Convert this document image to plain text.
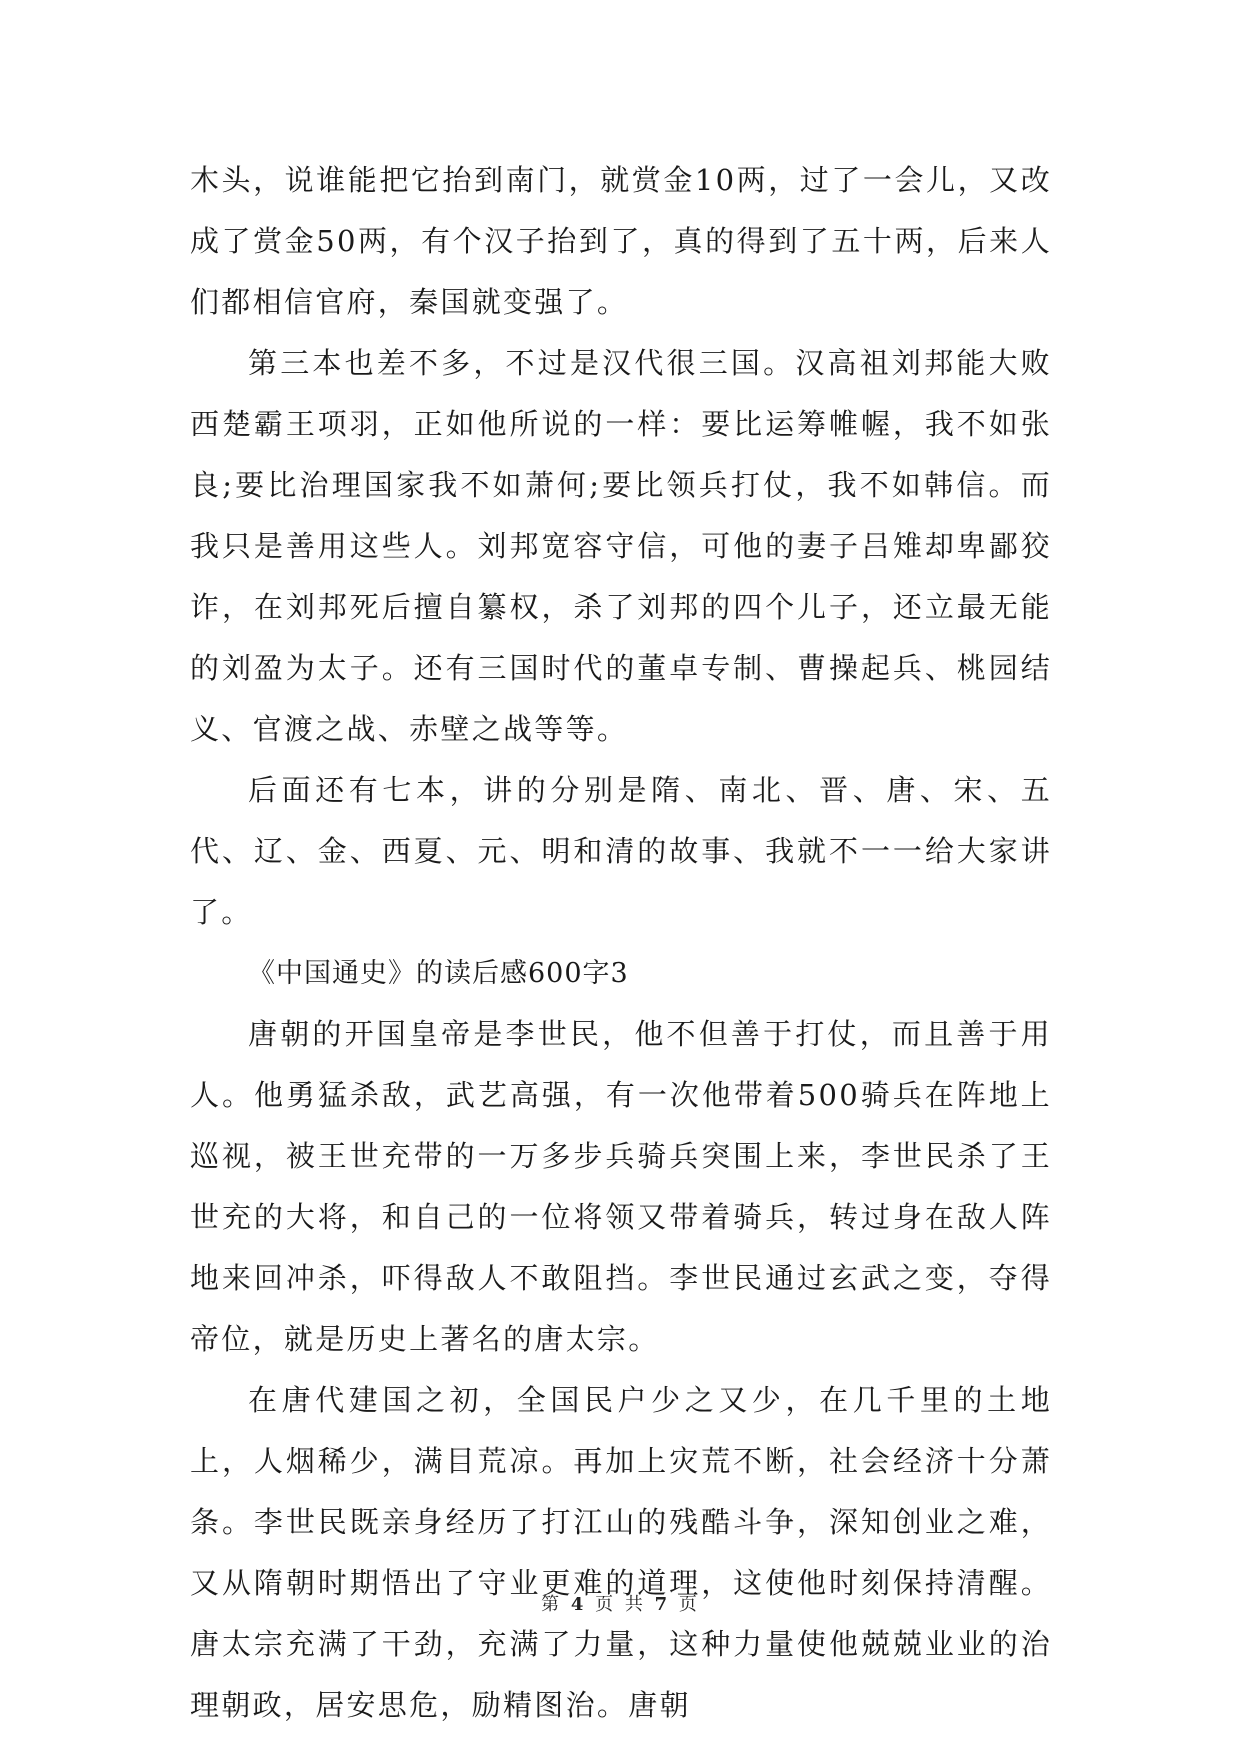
木头，说谁能把它抬到南门，就赏金10两，过了一会儿，又改成了赏金50两，有个汉子抬到了，真的得到了五十两，后来人们都相信官府，秦国就变强了。

第三本也差不多，不过是汉代很三国。汉高祖刘邦能大败西楚霸王项羽，正如他所说的一样：要比运筹帷幄，我不如张良;要比治理国家我不如萧何;要比领兵打仗，我不如韩信。而我只是善用这些人。刘邦宽容守信，可他的妻子吕雉却卑鄙狡诈，在刘邦死后擅自纂权，杀了刘邦的四个儿子，还立最无能的刘盈为太子。还有三国时代的董卓专制、曹操起兵、桃园结义、官渡之战、赤壁之战等等。

后面还有七本，讲的分别是隋、南北、晋、唐、宋、五代、辽、金、西夏、元、明和清的故事、我就不一一给大家讲了。

《中国通史》的读后感600字3

唐朝的开国皇帝是李世民，他不但善于打仗，而且善于用人。他勇猛杀敌，武艺高强，有一次他带着500骑兵在阵地上巡视，被王世充带的一万多步兵骑兵突围上来，李世民杀了王世充的大将，和自己的一位将领又带着骑兵，转过身在敌人阵地来回冲杀，吓得敌人不敢阻挡。李世民通过玄武之变，夺得帝位，就是历史上著名的唐太宗。

在唐代建国之初，全国民户少之又少，在几千里的土地上，人烟稀少，满目荒凉。再加上灾荒不断，社会经济十分萧条。李世民既亲身经历了打江山的残酷斗争，深知创业之难，又从隋朝时期悟出了守业更难的道理，这使他时刻保持清醒。唐太宗充满了干劲，充满了力量，这种力量使他兢兢业业的治理朝政，居安思危，励精图治。唐朝

第 4 页 共 7 页
